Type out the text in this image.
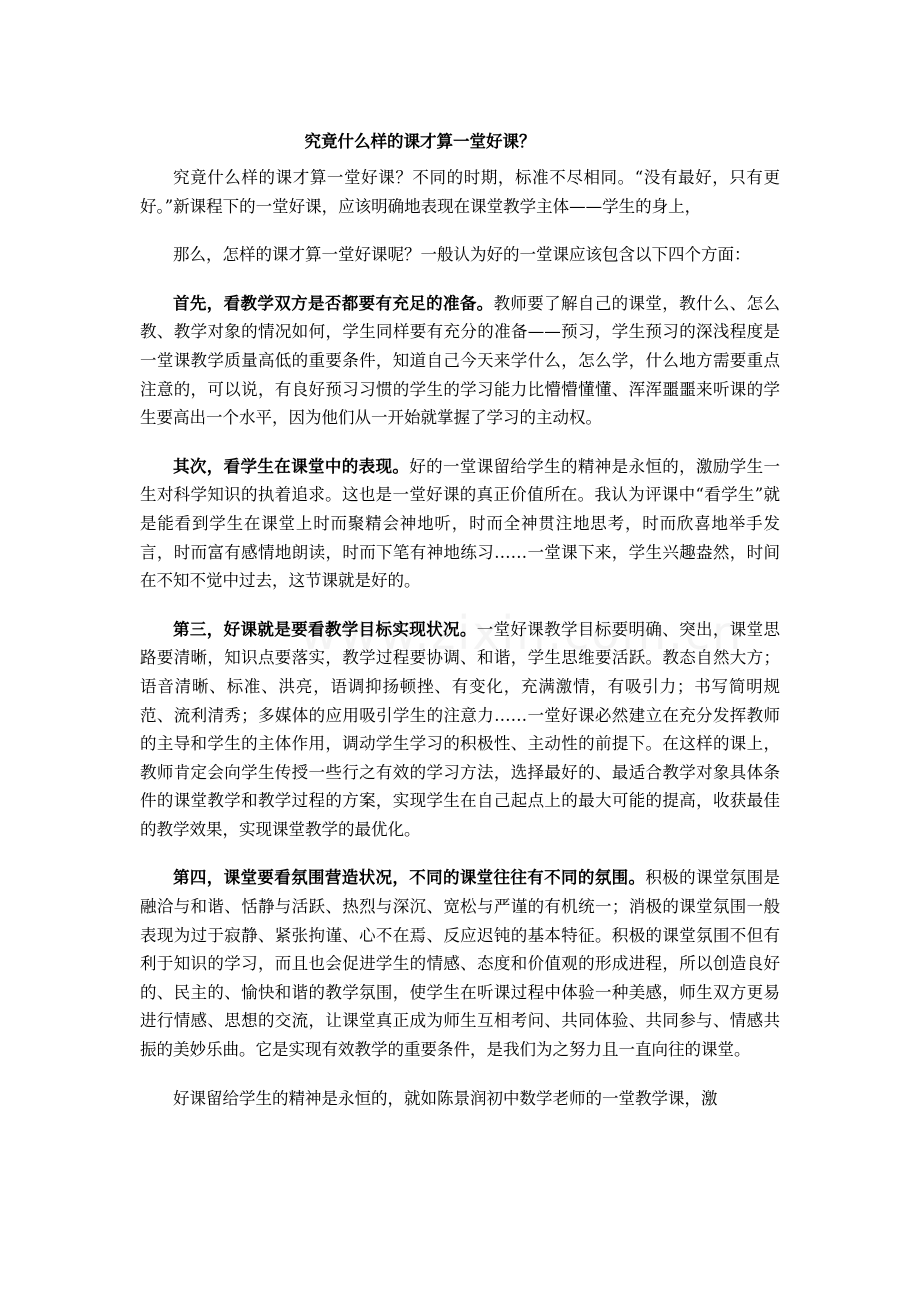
究竟什么样的课才算一堂好课？

究竟什么样的课才算一堂好课？不同的时期，标准不尽相同。“没有最好，只有更好。”新课程下的一堂好课，应该明确地表现在课堂教学主体——学生的身上，

那么，怎样的课才算一堂好课呢？一般认为好的一堂课应该包含以下四个方面：

首先，看教学双方是否都要有充足的准备。教师要了解自己的课堂，教什么、怎么教、教学对象的情况如何，学生同样要有充分的准备——预习，学生预习的深浅程度是一堂课教学质量高低的重要条件，知道自己今天来学什么，怎么学，什么地方需要重点注意的，可以说，有良好预习习惯的学生的学习能力比懵懵懂懂、浑浑噩噩来听课的学生要高出一个水平，因为他们从一开始就掌握了学习的主动权。

其次，看学生在课堂中的表现。好的一堂课留给学生的精神是永恒的，激励学生一生对科学知识的执着追求。这也是一堂好课的真正价值所在。我认为评课中“看学生”就是能看到学生在课堂上时而聚精会神地听，时而全神贯注地思考，时而欣喜地举手发言，时而富有感情地朗读，时而下笔有神地练习……一堂课下来，学生兴趣盎然，时间在不知不觉中过去，这节课就是好的。

第三，好课就是要看教学目标实现状况。一堂好课教学目标要明确、突出，课堂思路要清晰，知识点要落实，教学过程要协调、和谐，学生思维要活跃。教态自然大方；语音清晰、标准、洪亮，语调抑扬顿挫、有变化，充满激情，有吸引力；书写简明规范、流利清秀；多媒体的应用吸引学生的注意力……一堂好课必然建立在充分发挥教师的主导和学生的主体作用，调动学生学习的积极性、主动性的前提下。在这样的课上，教师肯定会向学生传授一些行之有效的学习方法，选择最好的、最适合教学对象具体条件的课堂教学和教学过程的方案，实现学生在自己起点上的最大可能的提高，收获最佳的教学效果，实现课堂教学的最优化。

第四，课堂要看氛围营造状况，不同的课堂往往有不同的氛围。积极的课堂氛围是融洽与和谐、恬静与活跃、热烈与深沉、宽松与严谨的有机统一；消极的课堂氛围一般表现为过于寂静、紧张拘谨、心不在焉、反应迟钝的基本特征。积极的课堂氛围不但有利于知识的学习，而且也会促进学生的情感、态度和价值观的形成进程，所以创造良好的、民主的、愉快和谐的教学氛围，使学生在听课过程中体验一种美感，师生双方更易进行情感、思想的交流，让课堂真正成为师生互相考问、共同体验、共同参与、情感共振的美妙乐曲。它是实现有效教学的重要条件，是我们为之努力且一直向往的课堂。

好课留给学生的精神是永恒的，就如陈景润初中数学老师的一堂教学课，激
